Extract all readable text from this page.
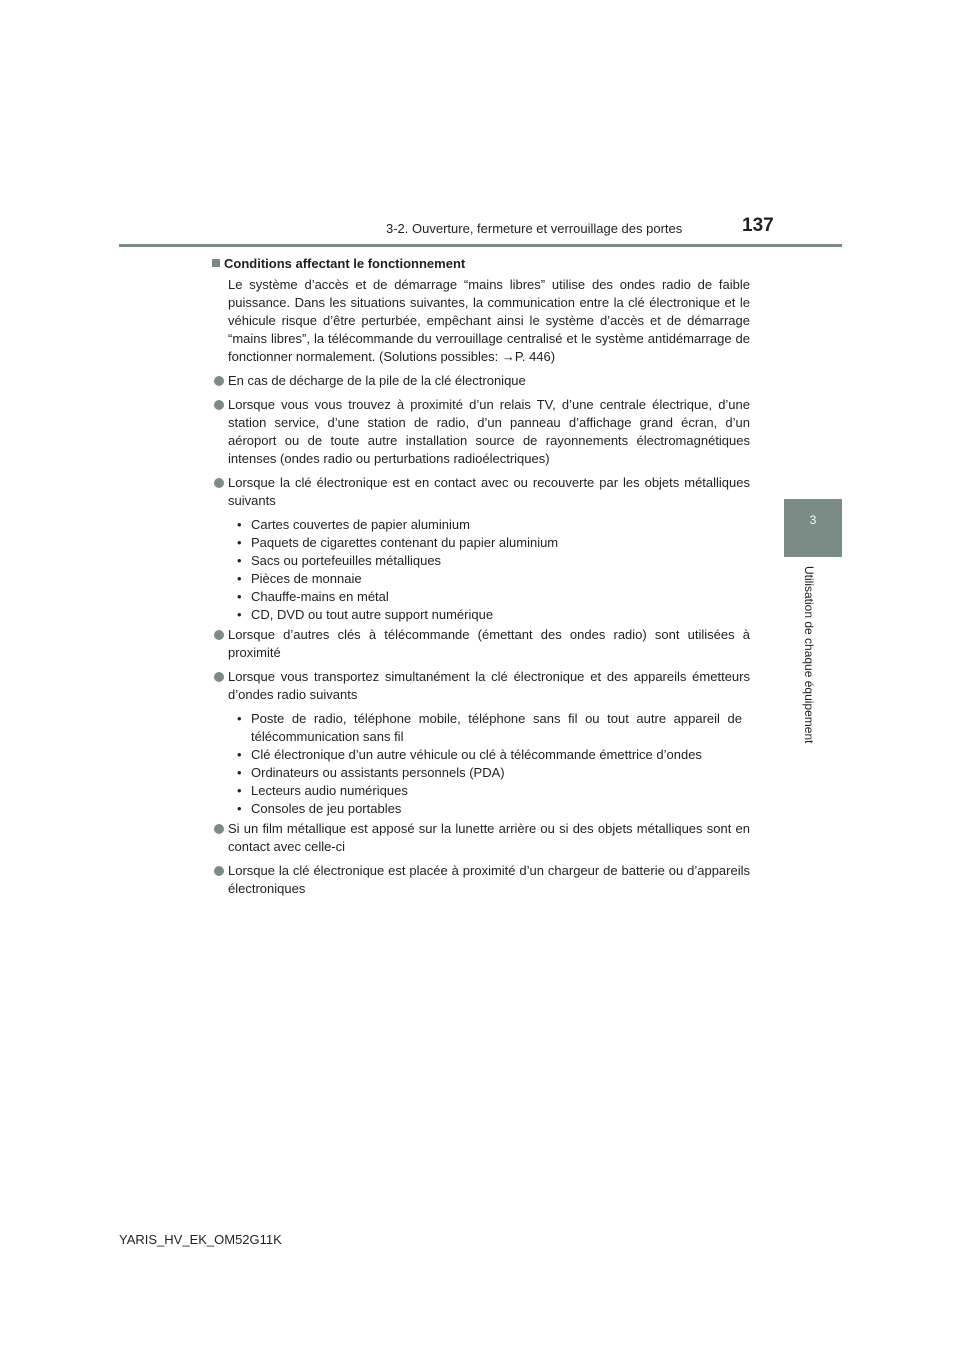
3-2. Ouverture, fermeture et verrouillage des portes	137
3
Utilisation de chaque équipement

Conditions affectant le fonctionnement

Le système d’accès et de démarrage “mains libres” utilise des ondes radio de faible puissance. Dans les situations suivantes, la communication entre la clé électronique et le véhicule risque d’être perturbée, empêchant ainsi le système d’accès et de démarrage “mains libres”, la télécommande du verrouillage centralisé et le système antidémarrage de fonctionner normalement. (Solutions possibles: →P. 446)

En cas de décharge de la pile de la clé électronique
Lorsque vous vous trouvez à proximité d’un relais TV, d’une centrale électrique, d’une station service, d’une station de radio, d’un panneau d’affichage grand écran, d’un aéroport ou de toute autre installation source de rayonnements électromagnétiques intenses (ondes radio ou perturbations radioélectriques)
Lorsque la clé électronique est en contact avec ou recouverte par les objets métalliques suivants
• Cartes couvertes de papier aluminium
• Paquets de cigarettes contenant du papier aluminium
• Sacs ou portefeuilles métalliques
• Pièces de monnaie
• Chauffe-mains en métal
• CD, DVD ou tout autre support numérique
Lorsque d’autres clés à télécommande (émettant des ondes radio) sont utilisées à proximité
Lorsque vous transportez simultanément la clé électronique et des appareils émetteurs d’ondes radio suivants
• Poste de radio, téléphone mobile, téléphone sans fil ou tout autre appareil de télécommunication sans fil
• Clé électronique d’un autre véhicule ou clé à télécommande émettrice d’ondes
• Ordinateurs ou assistants personnels (PDA)
• Lecteurs audio numériques
• Consoles de jeu portables
Si un film métallique est apposé sur la lunette arrière ou si des objets métalliques sont en contact avec celle-ci
Lorsque la clé électronique est placée à proximité d’un chargeur de batterie ou d’appareils électroniques
YARIS_HV_EK_OM52G11K
